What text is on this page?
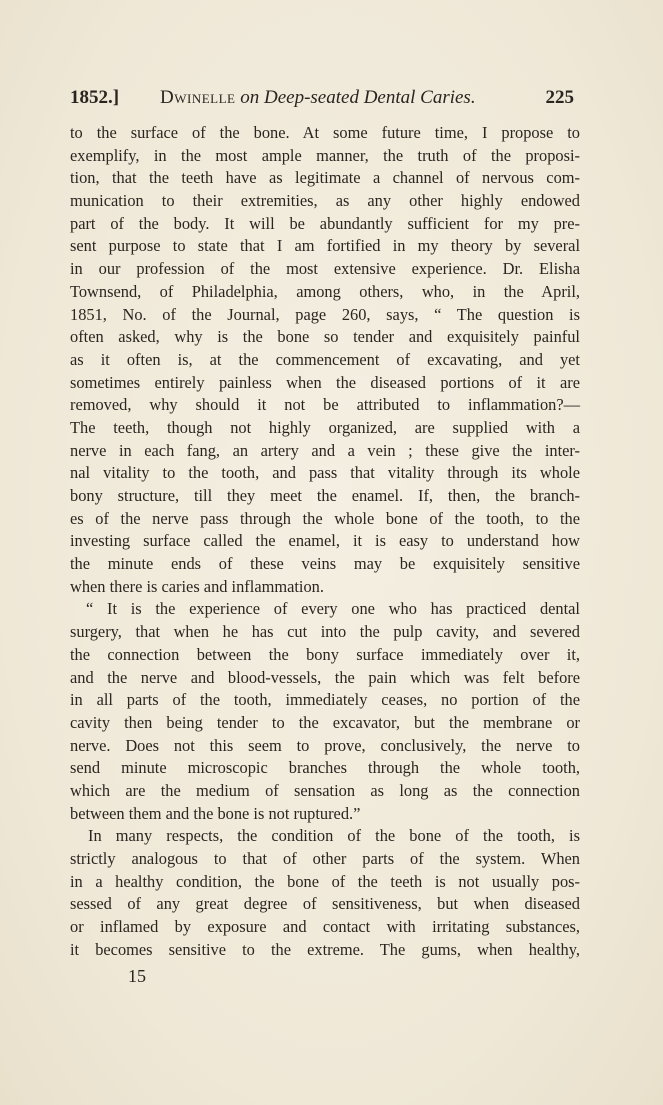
1852.] Dwinelle on Deep-seated Dental Caries.	225
to the surface of the bone. At some future time, I propose to
exemplify, in the most ample manner, the truth of the proposi-
tion, that the teeth have as legitimate a channel of nervous com-
munication to their extremities, as any other highly endowed
part of the body. It will be abundantly sufficient for my pre-
sent purpose to state that I am fortified in my theory by several
in our profession of the most extensive experience. Dr. Elisha
Townsend, of Philadelphia, among others, who, in the April,
1851, No. of the Journal, page 260, says, “ The question is
often asked, why is the bone so tender and exquisitely painful
as it often is, at the commencement of excavating, and yet
sometimes entirely painless when the diseased portions of it are
removed, why should it not be attributed to inflammation?—
The teeth, though not highly organized, are supplied with a
nerve in each fang, an artery and a vein ; these give the inter-
nal vitality to the tooth, and pass that vitality through its whole
bony structure, till they meet the enamel. If, then, the branch-
es of the nerve pass through the whole bone of the tooth, to the
investing surface called the enamel, it is easy to understand how
the minute ends of these veins may be exquisitely sensitive
when there is caries and inflammation.
“ It is the experience of every one who has practiced dental
surgery, that when he has cut into the pulp cavity, and severed
the connection between the bony surface immediately over it,
and the nerve and blood-vessels, the pain which was felt before
in all parts of the tooth, immediately ceases, no portion of the
cavity then being tender to the excavator, but the membrane or
nerve. Does not this seem to prove, conclusively, the nerve to
send minute microscopic branches through the whole tooth,
which are the medium of sensation as long as the connection
between them and the bone is not ruptured.”
In many respects, the condition of the bone of the tooth, is
strictly analogous to that of other parts of the system. When
in a healthy condition, the bone of the teeth is not usually pos-
sessed of any great degree of sensitiveness, but when diseased
or inflamed by exposure and contact with irritating substances,
it becomes sensitive to the extreme. The gums, when healthy,
15
